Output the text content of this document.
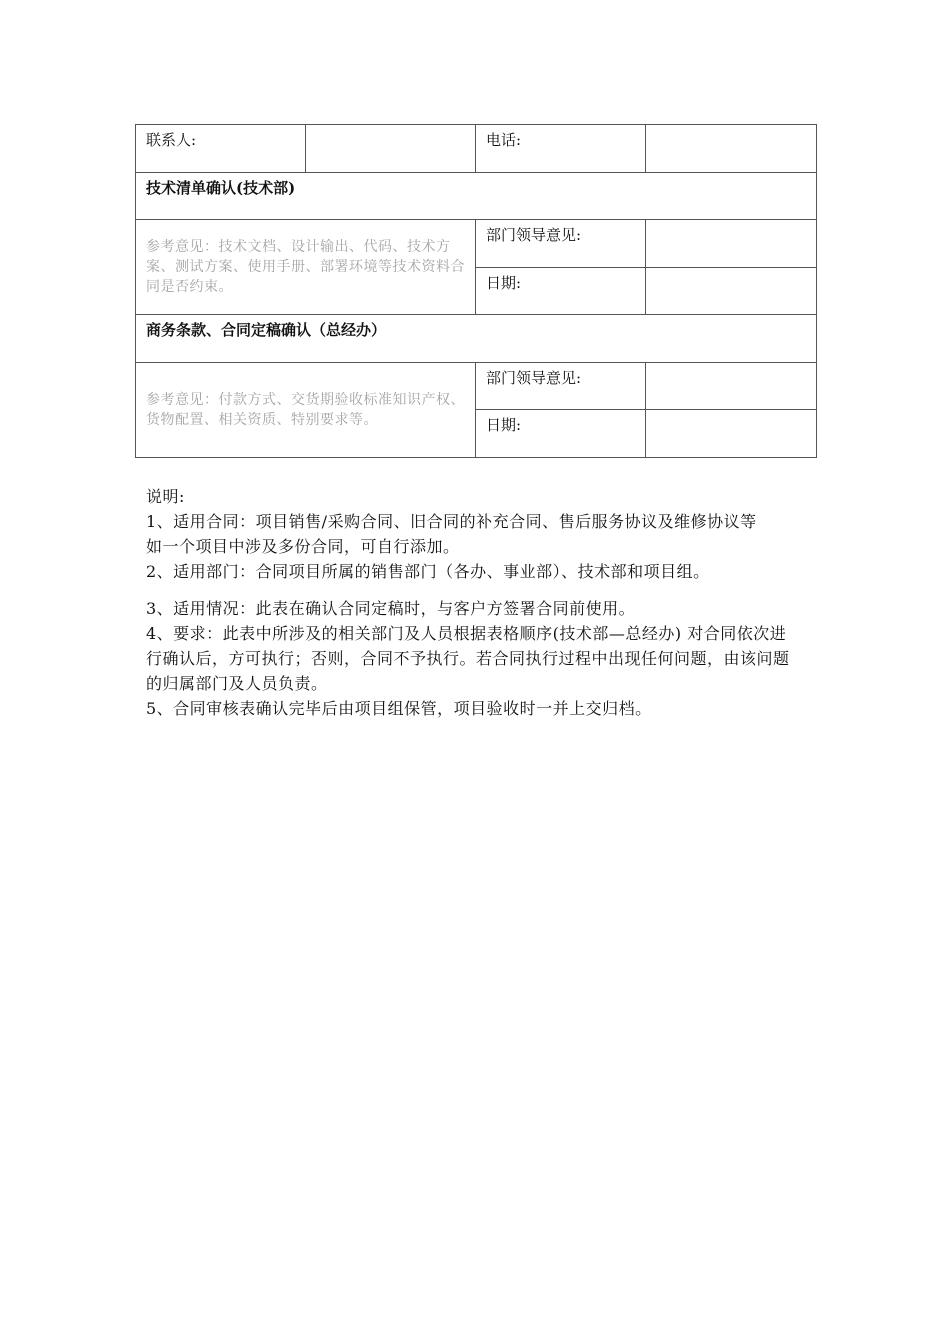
联系人:		电话:	
技术清单确认(技术部)			
参考意见：技术文档、设计输出、代码、技术方案、测试方案、使用手册、部署环境等技术资料合同是否约束。		部门领导意见:	
		日期:	
商务条款、合同定稿确认（总经办）			
参考意见：付款方式、交货期验收标准知识产权、货物配置、相关资质、特别要求等。		部门领导意见:	
		日期:	

说明:

1、适用合同：项目销售/采购合同、旧合同的补充合同、售后服务协议及维修协议等

如一个项目中涉及多份合同，可自行添加。

2、适用部门：合同项目所属的销售部门（各办、事业部）、技术部和项目组。

3、适用情况：此表在确认合同定稿时，与客户方签署合同前使用。

4、要求：此表中所涉及的相关部门及人员根据表格顺序(技术部—总经办) 对合同依次进行确认后，方可执行；否则，合同不予执行。若合同执行过程中出现任何问题，由该问题的归属部门及人员负责。

5、合同审核表确认完毕后由项目组保管，项目验收时一并上交归档。
